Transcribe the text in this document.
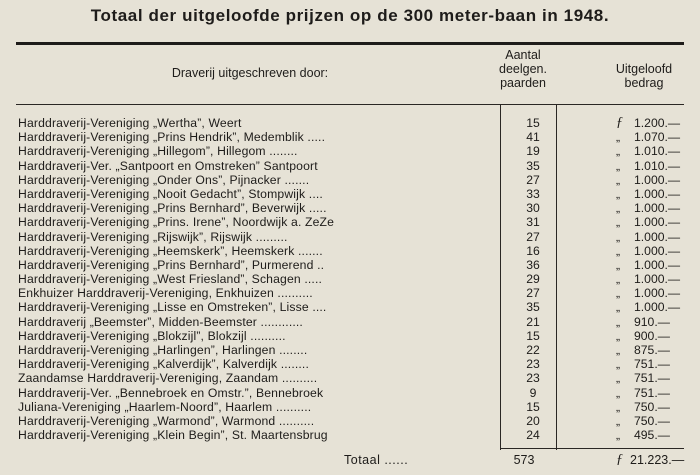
Totaal der uitgeloofde prijzen op de 300 meter-baan in 1948.
Draverij uitgeschreven door:
Aantal
deelgen.
paarden
Uitgeloofd
bedrag
Harddraverij-Vereniging „Wertha”, Weert	15	ƒ 1.200.—
Harddraverij-Vereniging „Prins Hendrik”, Medemblik .....	41	„	1.070.—
Harddraverij-Vereniging „Hillegom”, Hillegom ........	19	„	1.010.—
Harddraverij-Ver. „Santpoort en Omstreken” Santpoort	35	„	1.010.—
Harddraverij-Vereniging „Onder Ons”, Pijnacker .......	27	„	1.000.—
Harddraverij-Vereniging „Nooit Gedacht”, Stompwijk ....	33	„	1.000.—
Harddraverij-Vereniging „Prins Bernhard”, Beverwijk .....	30	„	1.000.—
Harddraverij-Vereniging „Prins. Irene”, Noordwijk a. ZeZe	31	„	1.000.—
Harddraverij-Vereniging „Rijswijk”, Rijswijk .........	27	„	1.000.—
Harddraverij-Vereniging „Heemskerk”, Heemskerk .......	16	„	1.000.—
Harddraverij-Vereniging „Prins Bernhard”, Purmerend ..	36	„	1.000.—
Harddraverij-Vereniging „West Friesland”, Schagen .....	29	„	1.000.—
Enkhuizer Harddraverij-Vereniging, Enkhuizen ..........	27	„	1.000.—
Harddraverij-Vereniging „Lisse en Omstreken”, Lisse ....	35	„	1.000.—
Harddraverij „Beemster”, Midden-Beemster ............	21	„	910.—
Harddraverij-Vereniging „Blokzijl”, Blokzijl ..........	15	„	900.—
Harddraverij-Vereniging „Harlingen”, Harlingen ........	22	„	875.—
Harddraverij-Vereniging „Kalverdijk”, Kalverdijk ........	23	„	751.—
Zaandamse Harddraverij-Vereniging, Zaandam ..........	23	„	751.—
Harddraverij-Ver. „Bennebroek en Omstr.”, Bennebroek	9	„	751.—
Juliana-Vereniging „Haarlem-Noord”, Haarlem ..........	15	„	750.—
Harddraverij-Vereniging „Warmond”, Warmond ..........	20	„	750.—
Harddraverij-Vereniging „Klein Begin”, St. Maartensbrug	24	„	495.—
Totaal ......	573	ƒ 21.223.—
